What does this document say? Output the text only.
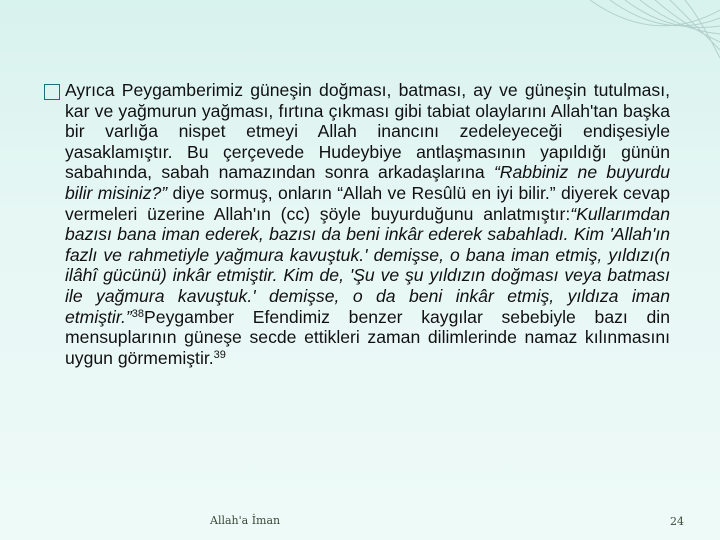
Ayrıca Peygamberimiz güneşin doğması, batması, ay ve güneşin tutulması, kar ve yağmurun yağması, fırtına çıkması gibi tabiat olaylarını Allah'tan başka bir varlığa nispet etmeyi Allah inancını zedeleyeceği endişesiyle yasaklamıştır. Bu çerçevede Hudeybiye antlaşmasının yapıldığı günün sabahında, sabah namazından sonra arkadaşlarına “Rabbiniz ne buyurdu bilir misiniz?” diye sormuş, onların “Allah ve Resûlü en iyi bilir.” diyerek cevap vermeleri üzerine Allah'ın (cc) şöyle buyurduğunu anlatmıştır:“Kullarımdan bazısı bana iman ederek, bazısı da beni inkâr ederek sabahladı. Kim 'Allah'ın fazlı ve rahmetiyle yağmura kavuştuk.' demişse, o bana iman etmiş, yıldızı(n ilâhî gücünü) inkâr etmiştir. Kim de, 'Şu ve şu yıldızın doğması veya batması ile yağmura kavuştuk.' demişse, o da beni inkâr etmiş, yıldıza iman etmiştir.”$^{38}$Peygamber Efendimiz benzer kaygılar sebebiyle bazı din mensuplarının güneşe secde ettikleri zaman dilimlerinde namaz kılınmasını uygun görmemiştir.$^{39}$

Allah'a İman	24
